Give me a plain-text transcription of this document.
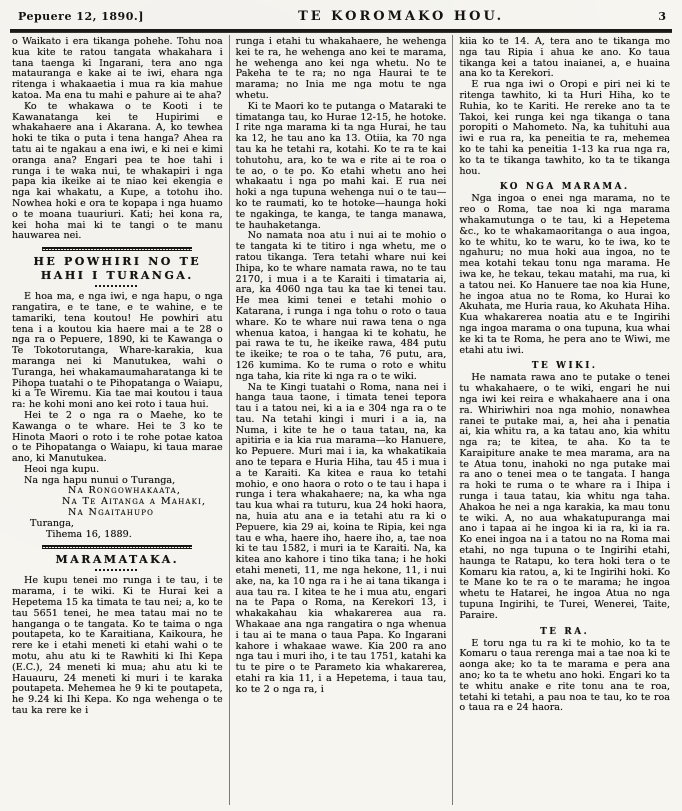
Pepuere 12, 1890.]	TE KOROMAKO HOU.	3

o Waikato i era tikanga pohehe. Tohu noa kua kite te ratou tangata whakahara i tana taenga ki Ingarani, tera ano nga matauranga e kake ai te iwi, ehara nga ritenga i whakaaetia i mua ra kia mahue katoa. Ma ena tu mahi e pahure ai te aha?

Ko te whakawa o te Kooti i te Kawanatanga kei te Hupirimi e whakahaere ana i Akarana. A, ko tewhea hoki te tika o puta i tena hanga? Ahea ra tatu ai te ngakau a ena iwi, e ki nei e kimi oranga ana? Engari pea te hoe tahi i runga i te waka nui, te whakapiri i nga papa kia ikeike ai te niao kei ekengia e nga kai whakatu, a Kupe, a totohu iho. Nowhea hoki e ora te kopapa i nga huamo o te moana tuauriuri. Kati; hei kona ra, kei hoha mai ki te tangi o te manu hauwarea nei.

HE POWHIRI NO TE HAHI I TURANGA.

E hoa ma, e nga iwi, e nga hapu, o nga rangatira, e te tane, e te wahine, e te tamariki, tena koutou! He powhiri atu tena i a koutou kia haere mai a te 28 o nga ra o Pepuere, 1890, ki te Kawanga o Te Tokotorutanga, Whare-karakia, kua maranga nei ki Manutukea, wahi o Turanga, hei whakamaumaharatanga ki te Pihopa tuatahi o te Pihopatanga o Waiapu, ki a Te Wiremu. Kia tae mai koutou i taua ra: he kohi moni ano kei roto i taua hui.

Hei te 2 o nga ra o Maehe, ko te Kawanga o te whare. Hei te 3 ko te Hinota Maori o roto i te rohe potae katoa o te Pihopatanga o Waiapu, ki taua marae ano, ki Manutukea.

Heoi nga kupu.
Na nga hapu nunui o Turanga,
Na Rongowhakaata,
Na Te Aitanga a Mahaki,
Na Ngaitahupo
Turanga,
Tihema 16, 1889.
MARAMATAKA.

He kupu tenei mo runga i te tau, i te marama, i te wiki. Ki te Hurai kei a Hepetema 15 ka timata te tau nei; a, ko te tau 5651 tenei, he mea tatau mai no te hanganga o te tangata. Ko te taima o nga poutapeta, ko te Karaitiana, Kaikoura, he rere ke i etahi meneti ki etahi wahi o te motu, ahu atu ki te Rawhiti ki Ihi Kepa (E.C.), 24 meneti ki mua; ahu atu ki te Hauauru, 24 meneti ki muri i te karaka poutapeta. Mehemea he 9 ki te poutapeta, he 9.24 ki Ihi Kepa. Ko nga wehenga o te tau ka rere ke i

runga i etahi tu whakahaere, he wehenga kei te ra, he wehenga ano kei te marama, he wehenga ano kei nga whetu. No te Pakeha te te ra; no nga Haurai te te marama; no Inia me nga motu te nga whetu.

Ki te Maori ko te putanga o Mataraki te timatanga tau, ko Hurae 12-15, he hotoke. I rite nga marama ki ta nga Hurai, he tau ka 12, he tau ano ka 13. Otiia, ka 70 nga tau ka he tetahi ra, kotahi. Ko te ra te kai tohutohu, ara, ko te wa e rite ai te roa o te ao, o te po. Ko etahi whetu ano hei whakaatu i nga po mahi kai. E rua nei hoki a nga tupuna wehenga nui o te tau—ko te raumati, ko te hotoke—haunga hoki te ngakinga, te kanga, te tanga manawa, te hauhaketanga.

No namata noa atu i nui ai te mohio o te tangata ki te titiro i nga whetu, me o ratou tikanga. Tera tetahi whare nui kei Ihipa, ko te whare namata rawa, no te tau 2170, i mua i a te Karaiti i timataria ai, ara, ka 4060 nga tau ka tae ki tenei tau. He mea kimi tenei e tetahi mohio o Katarana, i runga i nga tohu o roto o taua whare. Ko te whare nui rawa tena o nga whenua katoa, i hangaa ki te kohatu, he pai rawa te tu, he ikeike rawa, 484 putu te ikeike; te roa o te taha, 76 putu, ara, 126 kumima. Ko te ruma o roto e whitu nga taha, kia rite ki nga ra o te wiki.

Na te Kingi tuatahi o Roma, nana nei i hanga taua taone, i timata tenei tepora tau i a tatou nei, ki a ia e 304 nga ra o te tau. Na tetahi kingi i muri i a ia, na Numa, i kite te he o taua tatau, na, ka apitiria e ia kia rua marama—ko Hanuere, ko Pepuere. Muri mai i ia, ka whakatikaia ano te tepara e Huria Hiha, tau 45 i mua i a te Karaiti. Ka kitea e raua ko tetahi mohio, e ono haora o roto o te tau i hapa i runga i tera whakahaere; na, ka wha nga tau kua whai ra tuturu, kua 24 hoki haora, na, huia atu ana e ia tetahi atu ra ki o Pepuere, kia 29 ai, koina te Ripia, kei nga tau e wha, haere iho, haere iho, a, tae noa ki te tau 1582, i muri ia te Karaiti. Na, ka kitea ano kahore i tino tika tana; i he hoki etahi meneti, 11, me nga hekone, 11, i nui ake, na, ka 10 nga ra i he ai tana tikanga i aua tau ra. I kitea te he i mua atu, engari na te Papa o Roma, na Kerekori 13, i whakakahau kia whakarerea aua ra. Whakaae ana nga rangatira o nga whenua i tau ai te mana o taua Papa. Ko Ingarani kahore i whakaae wawe. Kia 200 ra ano nga tau i muri iho, i te tau 1751, katahi ka tu te pire o te Parameto kia whakarerea, etahi ra kia 11, i a Hepetema, i taua tau, ko te 2 o nga ra, i

kiia ko te 14. A, tera ano te tikanga mo nga tau Ripia i ahua ke ano. Ko taua tikanga kei a tatou inaianei, a, e huaina ana ko ta Kerekori.

E rua nga iwi o Oropi e piri nei ki te ritenga tawhito, ki ta Huri Hiha, ko te Ruhia, ko te Kariti. He rereke ano ta te Takoi, kei runga kei nga tikanga o tana poropiti o Mahometo. Na, ka tuhituhi aua iwi e rua ra, ka peneitia te ra, mehemea ko te tahi ka peneitia 1-13 ka rua nga ra, ko ta te tikanga tawhito, ko ta te tikanga hou.

KO NGA MARAMA.

Nga ingoa o enei nga marama, no te reo o Roma, tae noa ki nga marama whakamutunga o te tau, ki a Hepetema &c., ko te whakamaoritanga o aua ingoa, ko te whitu, ko te waru, ko te iwa, ko te ngahuru; no mua hoki aua ingoa, no te mea kotahi tekau tonu nga marama. He iwa ke, he tekau, tekau matahi, ma rua, ki a tatou nei. Ko Hanuere tae noa kia Hune, he ingoa atua no te Roma, ko Hurai ko Akuhata, me Huria raua, ko Akuhata Hiha. Kua whakarerea noatia atu e te Ingirihi nga ingoa marama o ona tupuna, kua whai ke ki ta te Roma, he pera ano te Wiwi, me etahi atu iwi.

TE WIKI.

He namata rawa ano te putake o tenei tu whakahaere, o te wiki, engari he nui nga iwi kei reira e whakahaere ana i ona ra. Whiriwhiri noa nga mohio, nonawhea ranei te putake mai, a, hei aha i penatia ai, kia whitu ra, a ka tatau ano, kia whitu nga ra; te kitea, te aha. Ko ta te Karaipiture anake te mea marama, ara na te Atua tonu, inahoki no nga putake mai ra ano o tenei mea o te tangata. I hanga ra hoki te ruma o te whare ra i Ihipa i runga i taua tatau, kia whitu nga taha. Ahakoa he nei a nga karakia, ka mau tonu te wiki. A, no aua whakatupuranga mai ano i tapaa ai he ingoa ki ia ra, ki ia ra. Ko enei ingoa na i a tatou no na Roma mai etahi, no nga tupuna o te Ingirihi etahi, haunga te Ratapu, ko tera hoki tera o te Komaru kia ratou, a, ki te Ingirihi hoki. Ko te Mane ko te ra o te marama; he ingoa whetu te Hatarei, he ingoa Atua no nga tupuna Ingirihi, te Turei, Wenerei, Taite, Paraire.

TE RA.

E toru nga tu ra ki te mohio, ko ta te Komaru o taua rerenga mai a tae noa ki te aonga ake; ko ta te marama e pera ana ano; ko ta te whetu ano hoki. Engari ko ta te whitu anake e rite tonu ana te roa, tetahi ki tetahi, a pau noa te tau, ko te roa o taua ra e 24 haora.
